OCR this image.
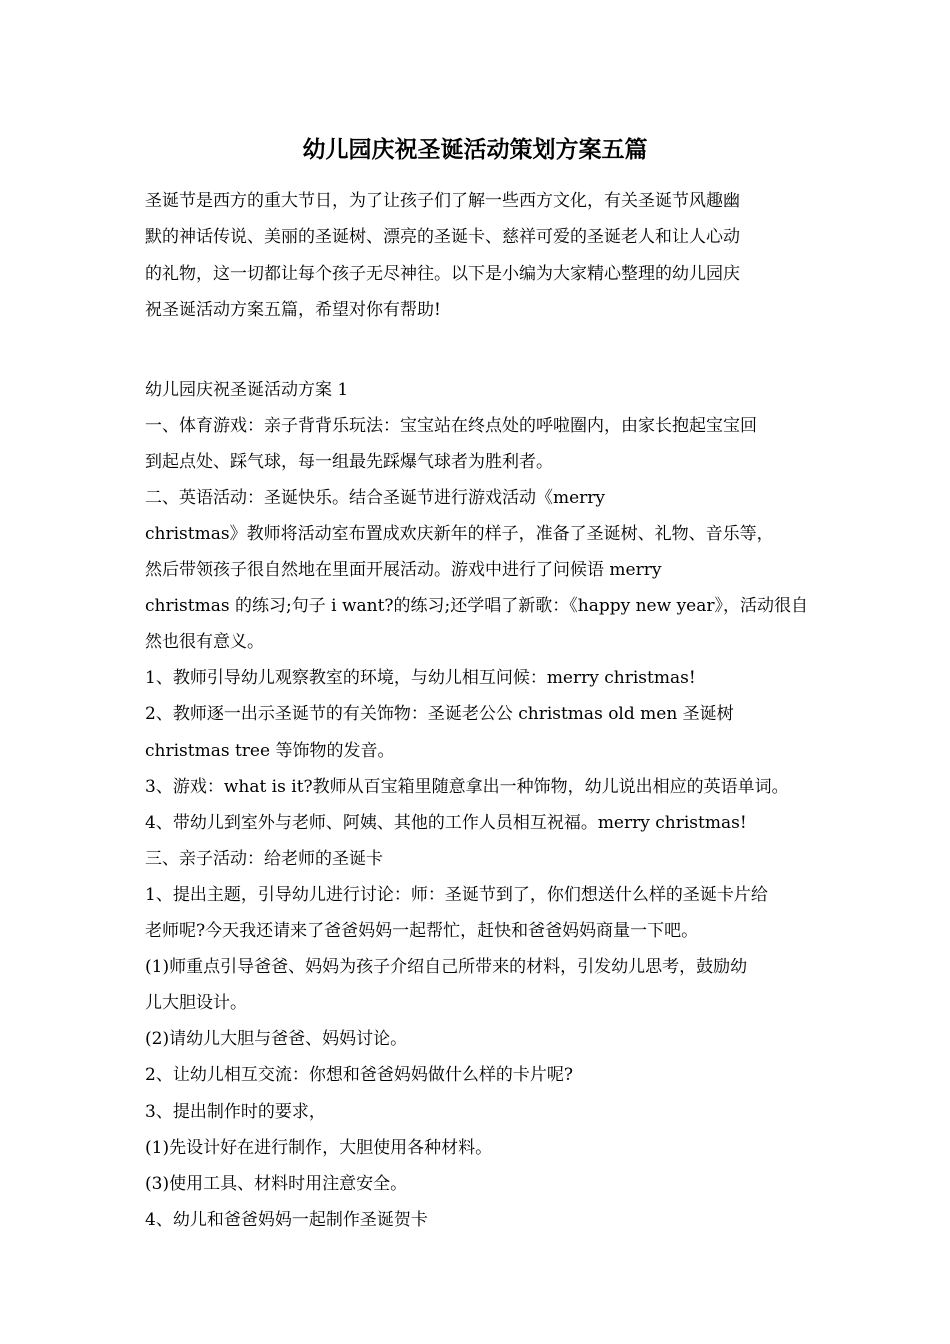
幼儿园庆祝圣诞活动策划方案五篇

圣诞节是西方的重大节日，为了让孩子们了解一些西方文化，有关圣诞节风趣幽
默的神话传说、美丽的圣诞树、漂亮的圣诞卡、慈祥可爱的圣诞老人和让人心动
的礼物，这一切都让每个孩子无尽神往。以下是小编为大家精心整理的幼儿园庆
祝圣诞活动方案五篇，希望对你有帮助!

幼儿园庆祝圣诞活动方案 1
一、体育游戏：亲子背背乐玩法：宝宝站在终点处的呼啦圈内，由家长抱起宝宝回
到起点处、踩气球，每一组最先踩爆气球者为胜利者。
二、英语活动：圣诞快乐。结合圣诞节进行游戏活动《merry
christmas》教师将活动室布置成欢庆新年的样子，准备了圣诞树、礼物、音乐等，
然后带领孩子很自然地在里面开展活动。游戏中进行了问候语 merry
christmas 的练习;句子 i want?的练习;还学唱了新歌：《happy new year》，活动很自
然也很有意义。
1、教师引导幼儿观察教室的环境，与幼儿相互问候：merry christmas!
2、教师逐一出示圣诞节的有关饰物：圣诞老公公 christmas old men 圣诞树
christmas tree 等饰物的发音。
3、游戏：what is it?教师从百宝箱里随意拿出一种饰物，幼儿说出相应的英语单词。
4、带幼儿到室外与老师、阿姨、其他的工作人员相互祝福。merry christmas!
三、亲子活动：给老师的圣诞卡
1、提出主题，引导幼儿进行讨论：师：圣诞节到了，你们想送什么样的圣诞卡片给
老师呢?今天我还请来了爸爸妈妈一起帮忙，赶快和爸爸妈妈商量一下吧。
(1)师重点引导爸爸、妈妈为孩子介绍自己所带来的材料，引发幼儿思考，鼓励幼
儿大胆设计。
(2)请幼儿大胆与爸爸、妈妈讨论。
2、让幼儿相互交流：你想和爸爸妈妈做什么样的卡片呢?
3、提出制作时的要求，
(1)先设计好在进行制作，大胆使用各种材料。
(3)使用工具、材料时用注意安全。
4、幼儿和爸爸妈妈一起制作圣诞贺卡
